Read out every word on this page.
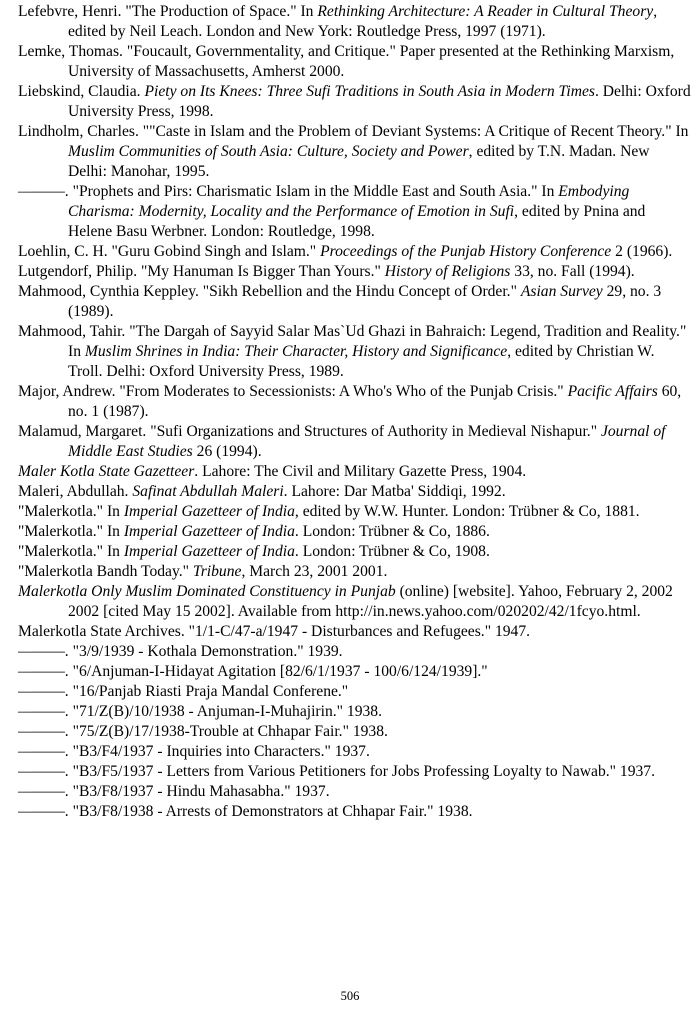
Lefebvre, Henri. "The Production of Space." In Rethinking Architecture: A Reader in Cultural Theory, edited by Neil Leach. London and New York: Routledge Press, 1997 (1971).

Lemke, Thomas. "Foucault, Governmentality, and Critique." Paper presented at the Rethinking Marxism, University of Massachusetts, Amherst 2000.

Liebskind, Claudia. Piety on Its Knees: Three Sufi Traditions in South Asia in Modern Times. Delhi: Oxford University Press, 1998.

Lindholm, Charles. ""Caste in Islam and the Problem of Deviant Systems: A Critique of Recent Theory." In Muslim Communities of South Asia: Culture, Society and Power, edited by T.N. Madan. New Delhi: Manohar, 1995.

———. "Prophets and Pirs: Charismatic Islam in the Middle East and South Asia." In Embodying Charisma: Modernity, Locality and the Performance of Emotion in Sufi, edited by Pnina and Helene Basu Werbner. London: Routledge, 1998.

Loehlin, C. H. "Guru Gobind Singh and Islam." Proceedings of the Punjab History Conference 2 (1966).

Lutgendorf, Philip. "My Hanuman Is Bigger Than Yours." History of Religions 33, no. Fall (1994).

Mahmood, Cynthia Keppley. "Sikh Rebellion and the Hindu Concept of Order." Asian Survey 29, no. 3 (1989).

Mahmood, Tahir. "The Dargah of Sayyid Salar Mas`Ud Ghazi in Bahraich: Legend, Tradition and Reality." In Muslim Shrines in India: Their Character, History and Significance, edited by Christian W. Troll. Delhi: Oxford University Press, 1989.

Major, Andrew. "From Moderates to Secessionists: A Who's Who of the Punjab Crisis." Pacific Affairs 60, no. 1 (1987).

Malamud, Margaret. "Sufi Organizations and Structures of Authority in Medieval Nishapur." Journal of Middle East Studies 26 (1994).

Maler Kotla State Gazetteer. Lahore: The Civil and Military Gazette Press, 1904.

Maleri, Abdullah. Safinat Abdullah Maleri. Lahore: Dar Matba' Siddiqi, 1992.

"Malerkotla." In Imperial Gazetteer of India, edited by W.W. Hunter. London: Trübner & Co, 1881.

"Malerkotla." In Imperial Gazetteer of India. London: Trübner & Co, 1886.

"Malerkotla." In Imperial Gazetteer of India. London: Trübner & Co, 1908.

"Malerkotla Bandh Today." Tribune, March 23, 2001 2001.

Malerkotla Only Muslim Dominated Constituency in Punjab (online) [website]. Yahoo, February 2, 2002 2002 [cited May 15 2002]. Available from http://in.news.yahoo.com/020202/42/1fcyo.html.

Malerkotla State Archives. "1/1-C/47-a/1947 - Disturbances and Refugees." 1947.

———. "3/9/1939 - Kothala Demonstration." 1939.

———. "6/Anjuman-I-Hidayat Agitation [82/6/1/1937 - 100/6/124/1939]."

———. "16/Panjab Riasti Praja Mandal Conferene."

———. "71/Z(B)/10/1938 - Anjuman-I-Muhajirin." 1938.

———. "75/Z(B)/17/1938-Trouble at Chhapar Fair." 1938.

———. "B3/F4/1937 - Inquiries into Characters." 1937.

———. "B3/F5/1937 - Letters from Various Petitioners for Jobs Professing Loyalty to Nawab." 1937.

———. "B3/F8/1937 - Hindu Mahasabha." 1937.

———. "B3/F8/1938 - Arrests of Demonstrators at Chhapar Fair." 1938.

506
